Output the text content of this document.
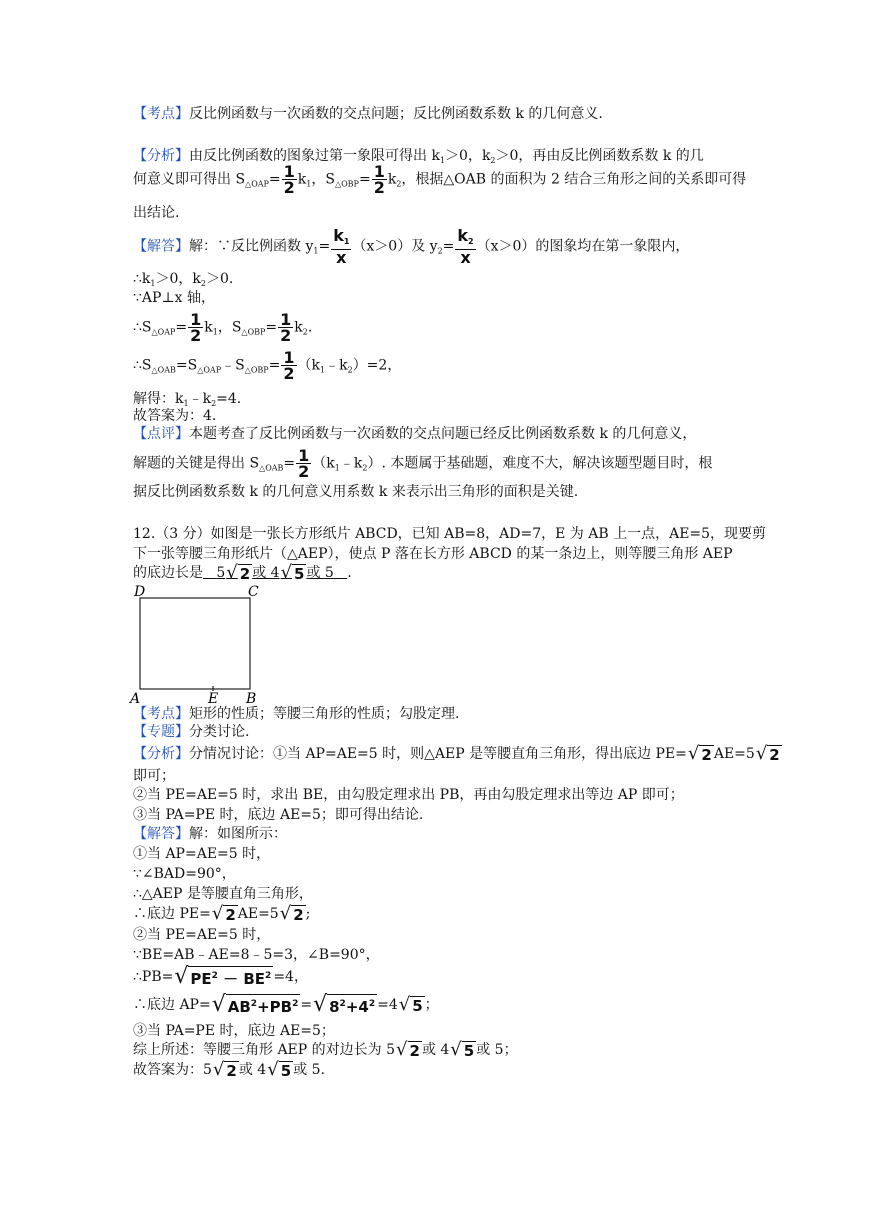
【考点】反比例函数与一次函数的交点问题；反比例函数系数 k 的几何意义.
【分析】由反比例函数的图象过第一象限可得出 $k_1>0$，$k_2>0$，再由反比例函数系数 k 的几
何意义即可得出 $S_{\triangle OAP}= \frac{1}{2} k_1$，$S_{\triangle OBP}= \frac{1}{2} k_2$，根据△OAB 的面积为 2 结合三角形之间的关系即可得
出结论.
【解答】解：∵反比例函数 $y_1= \frac{k_1}{x} (x>0)$及 $y_2= \frac{k_2}{x} (x>0)$的图象均在第一象限内，
$\therefore k_1>0$，$k_2>0$.
∵AP⊥x 轴，
$\therefore S_{\triangle OAP}= \frac{1}{2} k_1$，$S_{\triangle OBP}= \frac{1}{2} k_2$.
$\therefore S_{\triangle OAB}=S_{\triangle OAP}﹣S_{\triangle OBP}= \frac{1}{2}$ $(k_1﹣k_2)=2$，
解得：$k_1﹣k_2=4$.
故答案为：4.
【点评】本题考查了反比例函数与一次函数的交点问题已经反比例函数系数 k 的几何意义，
解题的关键是得出 $S_{\triangle OAB}= \frac{1}{2}$ $(k_1﹣k_2)$. 本题属于基础题，难度不大，解决该题型题目时，根
据反比例函数系数 k 的几何意义用系数 k 来表示出三角形的面积是关键.
12.（3 分）如图是一张长方形纸片 ABCD，已知 AB=8，AD=7，E 为 AB 上一点，AE=5，现要剪
下一张等腰三角形纸片（△AEP），使点 P 落在长方形 ABCD 的某一条边上，则等腰三角形 AEP
的底边长是 5√ 2 或 4√ 5 或 5 .
D	C
A	E B
【考点】矩形的性质；等腰三角形的性质；勾股定理.
【专题】分类讨论.
【分析】分情况讨论：①当 AP=AE=5 时，则△AEP 是等腰直角三角形，得出底边 PE=√ 2 AE=5√ 2
即可；
②当 PE=AE=5 时，求出 BE，由勾股定理求出 PB，再由勾股定理求出等边 AP 即可；
③当 PA=PE 时，底边 AE=5；即可得出结论.
【解答】解：如图所示：
①当 AP=AE=5 时，
∵∠BAD=90°，
∴△AEP 是等腰直角三角形，
∴底边 PE=√ 2 AE=5√ 2 ;
②当 PE=AE=5 时，
∵BE=AB﹣AE=8﹣5=3，∠B=90°，
∴PB=√ $PE^2 - BE^2 =4$，
∴底边 AP=√ $AB^2+PB^2$ =√ $8^2+4^2 =4√$ 5 ；
③当 PA=PE 时，底边 AE=5；
综上所述：等腰三角形 AEP 的对边长为 5√ 2 或 4√ 5 或 5；
故答案为：5√ 2 或 4√ 5 或 5.
